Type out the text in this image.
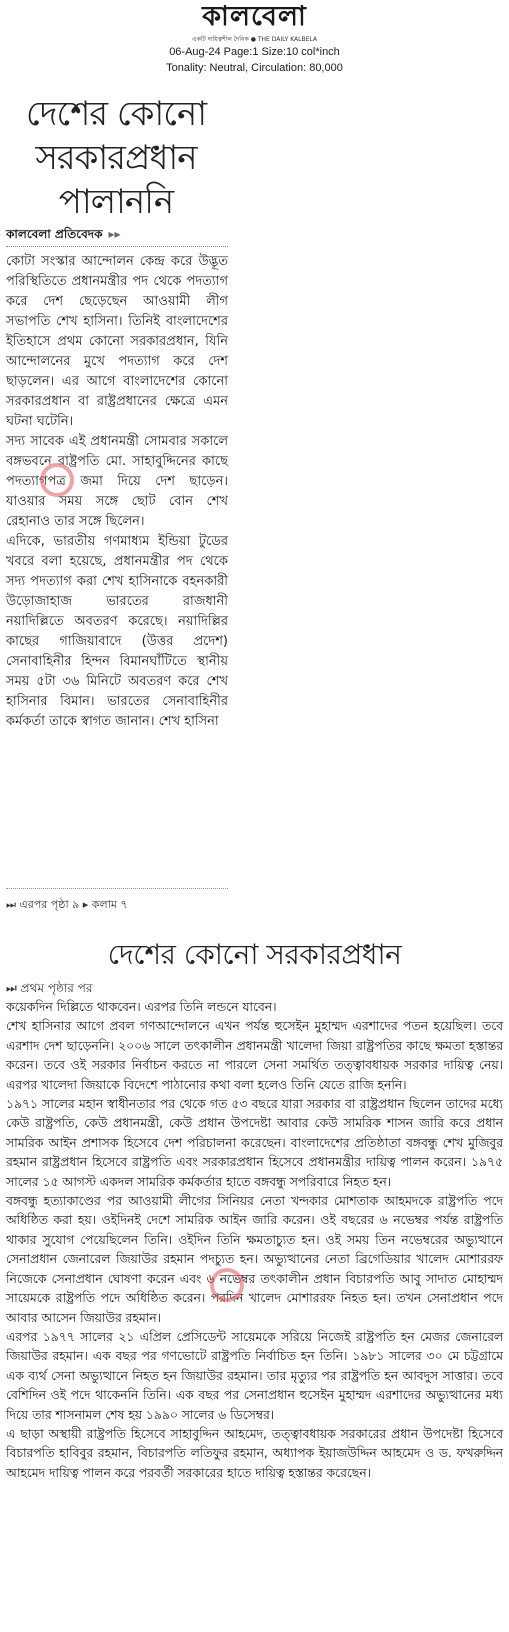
কালবেলা
একটি দায়িত্বশীল দৈনিক ● THE DAILY KALBELA
06-Aug-24 Page:1 Size:10 col*inch
Tonality: Neutral, Circulation: 80,000
দেশের কোনো সরকারপ্রধান পালাননি
কালবেলা প্রতিবেদক ▸▸

কোটা সংস্কার আন্দোলন কেন্দ্র করে উদ্ভূত পরিস্থিতিতে প্রধানমন্ত্রীর পদ থেকে পদত্যাগ করে দেশ ছেড়েছেন আওয়ামী লীগ সভাপতি শেখ হাসিনা। তিনিই বাংলাদেশের ইতিহাসে প্রথম কোনো সরকারপ্রধান, যিনি আন্দোলনের মুখে পদত্যাগ করে দেশ ছাড়লেন। এর আগে বাংলাদেশের কোনো সরকারপ্রধান বা রাষ্ট্রপ্রধানের ক্ষেত্রে এমন ঘটনা ঘটেনি।

সদ্য সাবেক এই প্রধানমন্ত্রী সোমবার সকালে বঙ্গভবনে রাষ্ট্রপতি মো. সাহাবুদ্দিনের কাছে পদত্যাগপত্র জমা দিয়ে দেশ ছাড়েন। যাওয়ার সময় সঙ্গে ছোট বোন শেখ রেহানাও তার সঙ্গে ছিলেন।

এদিকে, ভারতীয় গণমাধ্যম ইন্ডিয়া টুডের খবরে বলা হয়েছে, প্রধানমন্ত্রীর পদ থেকে সদ্য পদত্যাগ করা শেখ হাসিনাকে বহনকারী উড়োজাহাজ ভারতের রাজধানী নয়াদিল্লিতে অবতরণ করেছে। নয়াদিল্লির কাছের গাজিয়াবাদে (উত্তর প্রদেশ) সেনাবাহিনীর হিন্দন বিমানঘাঁটিতে স্থানীয় সময় ৫টা ৩৬ মিনিটে অবতরণ করে শেখ হাসিনার বিমান। ভারতের সেনাবাহিনীর কর্মকর্তা তাকে স্বাগত জানান। শেখ হাসিনা

⏭ এরপর পৃষ্ঠা ৯ ▸ কলাম ৭
দেশের কোনো সরকারপ্রধান
⏭ প্রথম পৃষ্ঠার পর

কয়েকদিন দিল্লিতে থাকবেন। এরপর তিনি লন্ডনে যাবেন।

শেখ হাসিনার আগে প্রবল গণআন্দোলনে এখন পর্যন্ত হুসেইন মুহাম্মদ এরশাদের পতন হয়েছিল। তবে এরশাদ দেশ ছাড়েননি। ২০০৬ সালে তৎকালীন প্রধানমন্ত্রী খালেদা জিয়া রাষ্ট্রপতির কাছে ক্ষমতা হস্তান্তর করেন। তবে ওই সরকার নির্বাচন করতে না পারলে সেনা সমর্থিত তত্ত্বাবধায়ক সরকার দায়িত্ব নেয়। এরপর খালেদা জিয়াকে বিদেশে পাঠানোর কথা বলা হলেও তিনি যেতে রাজি হননি।

১৯৭১ সালের মহান স্বাধীনতার পর থেকে গত ৫৩ বছরে যারা সরকার বা রাষ্ট্রপ্রধান ছিলেন তাদের মধ্যে কেউ রাষ্ট্রপতি, কেউ প্রধানমন্ত্রী, কেউ প্রধান উপদেষ্টা আবার কেউ সামরিক শাসন জারি করে প্রধান সামরিক আইন প্রশাসক হিসেবে দেশ পরিচালনা করেছেন। বাংলাদেশের প্রতিষ্ঠাতা বঙ্গবন্ধু শেখ মুজিবুর রহমান রাষ্ট্রপ্রধান হিসেবে রাষ্ট্রপতি এবং সরকারপ্রধান হিসেবে প্রধানমন্ত্রীর দায়িত্ব পালন করেন। ১৯৭৫ সালের ১৫ আগস্ট একদল সামরিক কর্মকর্তার হাতে বঙ্গবন্ধু সপরিবারে নিহত হন।

বঙ্গবন্ধু হত্যাকাণ্ডের পর আওয়ামী লীগের সিনিয়র নেতা খন্দকার মোশতাক আহমদকে রাষ্ট্রপতি পদে অধিষ্ঠিত করা হয়। ওইদিনই দেশে সামরিক আইন জারি করেন। ওই বছরের ৬ নভেম্বর পর্যন্ত রাষ্ট্রপতি থাকার সুযোগ পেয়েছিলেন তিনি। ওইদিন তিনি ক্ষমতাচ্যুত হন। ওই সময় তিন নভেম্বরের অভ্যুত্থানে সেনাপ্রধান জেনারেল জিয়াউর রহমান পদচ্যুত হন। অভ্যুত্থানের নেতা ব্রিগেডিয়ার খালেদ মোশাররফ নিজেকে সেনাপ্রধান ঘোষণা করেন এবং ৬ নভেম্বর তৎকালীন প্রধান বিচারপতি আবু সাদাত মোহাম্মদ সায়েমকে রাষ্ট্রপতি পদে অধিষ্ঠিত করেন। পরদিন খালেদ মোশাররফ নিহত হন। তখন সেনাপ্রধান পদে আবার আসেন জিয়াউর রহমান।

এরপর ১৯৭৭ সালের ২১ এপ্রিল প্রেসিডেন্ট সায়েমকে সরিয়ে নিজেই রাষ্ট্রপতি হন মেজর জেনারেল জিয়াউর রহমান। এক বছর পর গণভোটে রাষ্ট্রপতি নির্বাচিত হন তিনি। ১৯৮১ সালের ৩০ মে চট্টগ্রামে এক ব্যর্থ সেনা অভ্যুত্থানে নিহত হন জিয়াউর রহমান। তার মৃত্যুর পর রাষ্ট্রপতি হন আবদুস সাত্তার। তবে বেশিদিন ওই পদে থাকেননি তিনি। এক বছর পর সেনাপ্রধান হুসেইন মুহাম্মদ এরশাদের অভ্যুত্থানের মধ্য দিয়ে তার শাসনামল শেষ হয় ১৯৯০ সালের ৬ ডিসেম্বর।

এ ছাড়া অস্থায়ী রাষ্ট্রপতি হিসেবে সাহাবুদ্দিন আহমেদ, তত্ত্বাবধায়ক সরকারের প্রধান উপদেষ্টা হিসেবে বিচারপতি হাবিবুর রহমান, বিচারপতি লতিফুর রহমান, অধ্যাপক ইয়াজউদ্দিন আহমেদ ও ড. ফখরুদ্দিন আহমেদ দায়িত্ব পালন করে পরবর্তী সরকারের হাতে দায়িত্ব হস্তান্তর করেছেন।
